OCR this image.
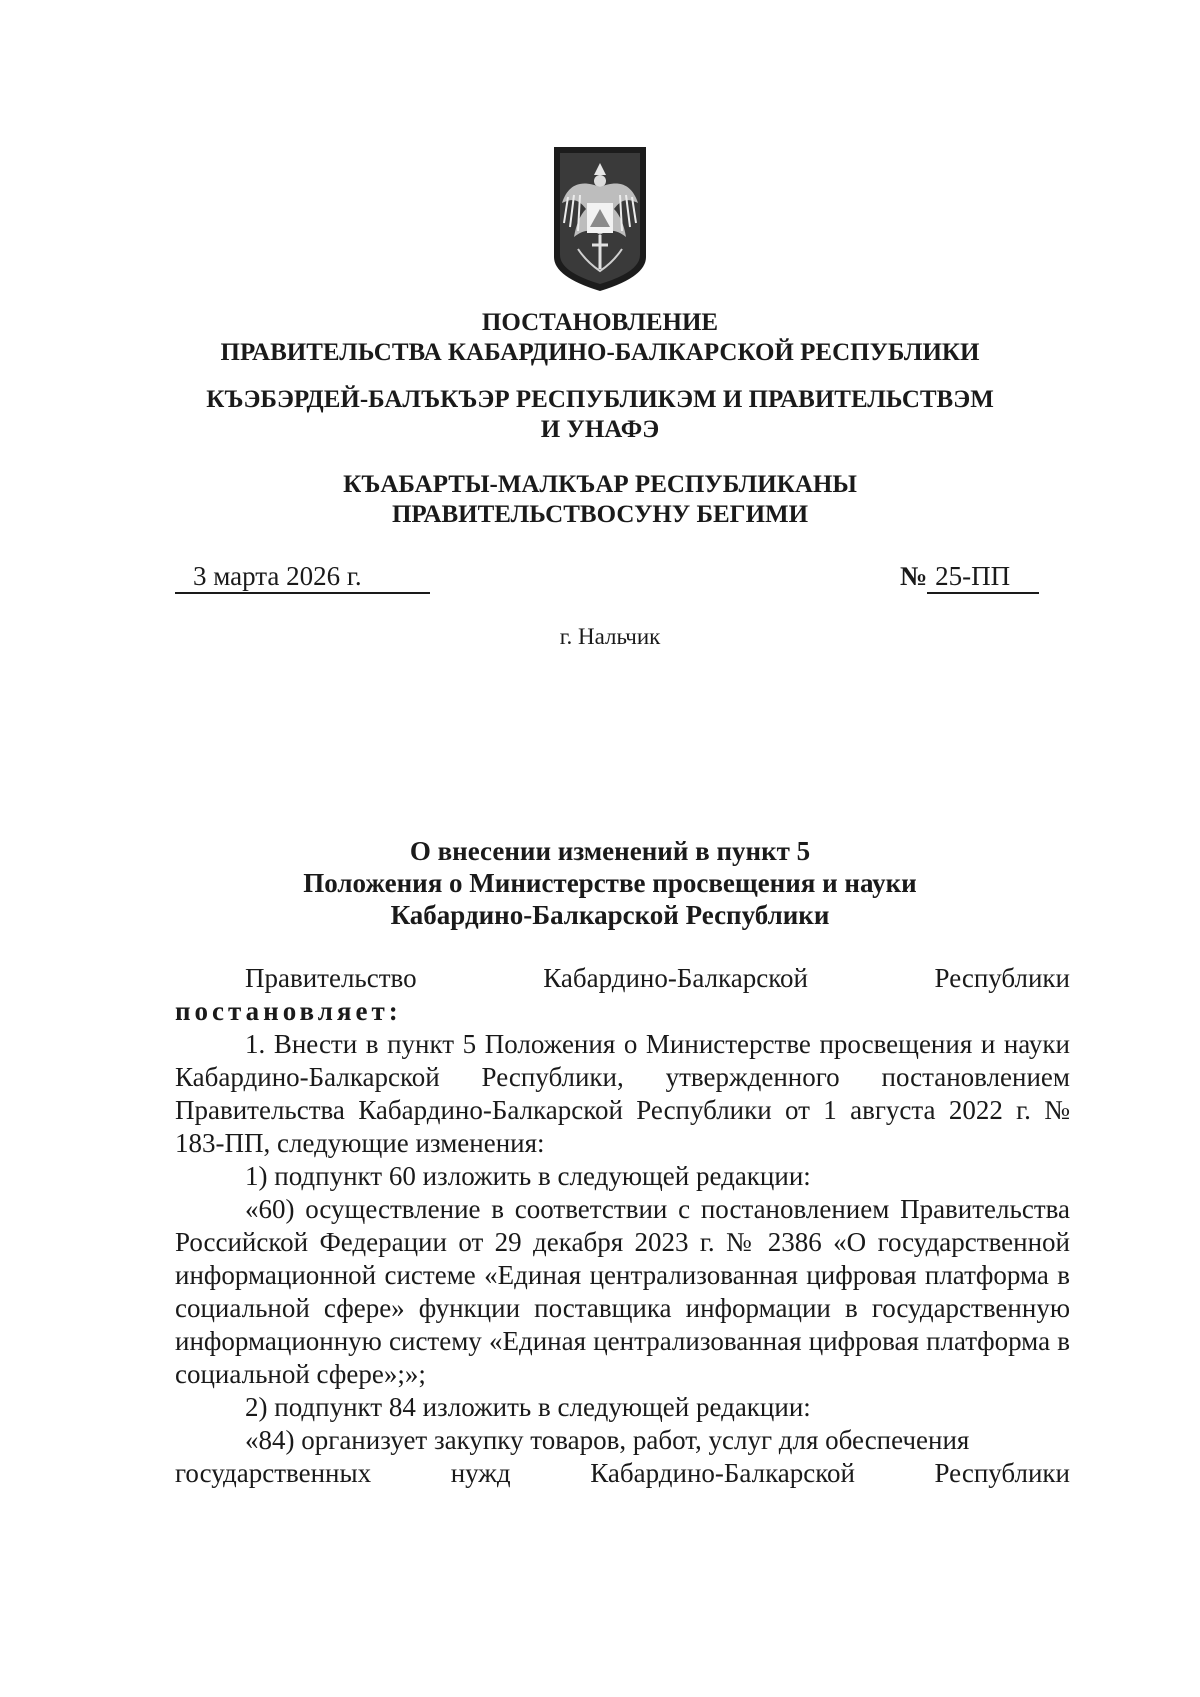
ПОСТАНОВЛЕНИЕ
ПРАВИТЕЛЬСТВА КАБАРДИНО-БАЛКАРСКОЙ РЕСПУБЛИКИ
КЪЭБЭРДЕЙ-БАЛЪКЪЭР РЕСПУБЛИКЭМ И ПРАВИТЕЛЬСТВЭМ И УНАФЭ
КЪАБАРТЫ-МАЛКЪАР РЕСПУБЛИКАНЫ ПРАВИТЕЛЬСТВОСУНУ БЕГИМИ
3 марта 2026 г.	№ 25-ПП
г. Нальчик
О внесении изменений в пункт 5
Положения о Министерстве просвещения и науки
Кабардино-Балкарской Республики
Правительство	Кабардино-Балкарской	Республики

постановляет:

1. Внести в пункт 5 Положения о Министерстве просвещения и науки Кабардино-Балкарской Республики, утвержденного постановлением Правительства Кабардино-Балкарской Республики от 1 августа 2022 г. № 183-ПП, следующие изменения:

1) подпункт 60 изложить в следующей редакции:

«60) осуществление в соответствии с постановлением Правительства Российской Федерации от 29 декабря 2023 г. № 2386 «О государственной информационной системе «Единая централизованная цифровая платформа в социальной сфере» функции поставщика информации в государственную информационную систему «Единая централизованная цифровая платформа в социальной сфере»;»;

2) подпункт 84 изложить в следующей редакции:

«84) организует закупку товаров, работ, услуг для обеспечения

государственных	нужд	Кабардино-Балкарской	Республики
